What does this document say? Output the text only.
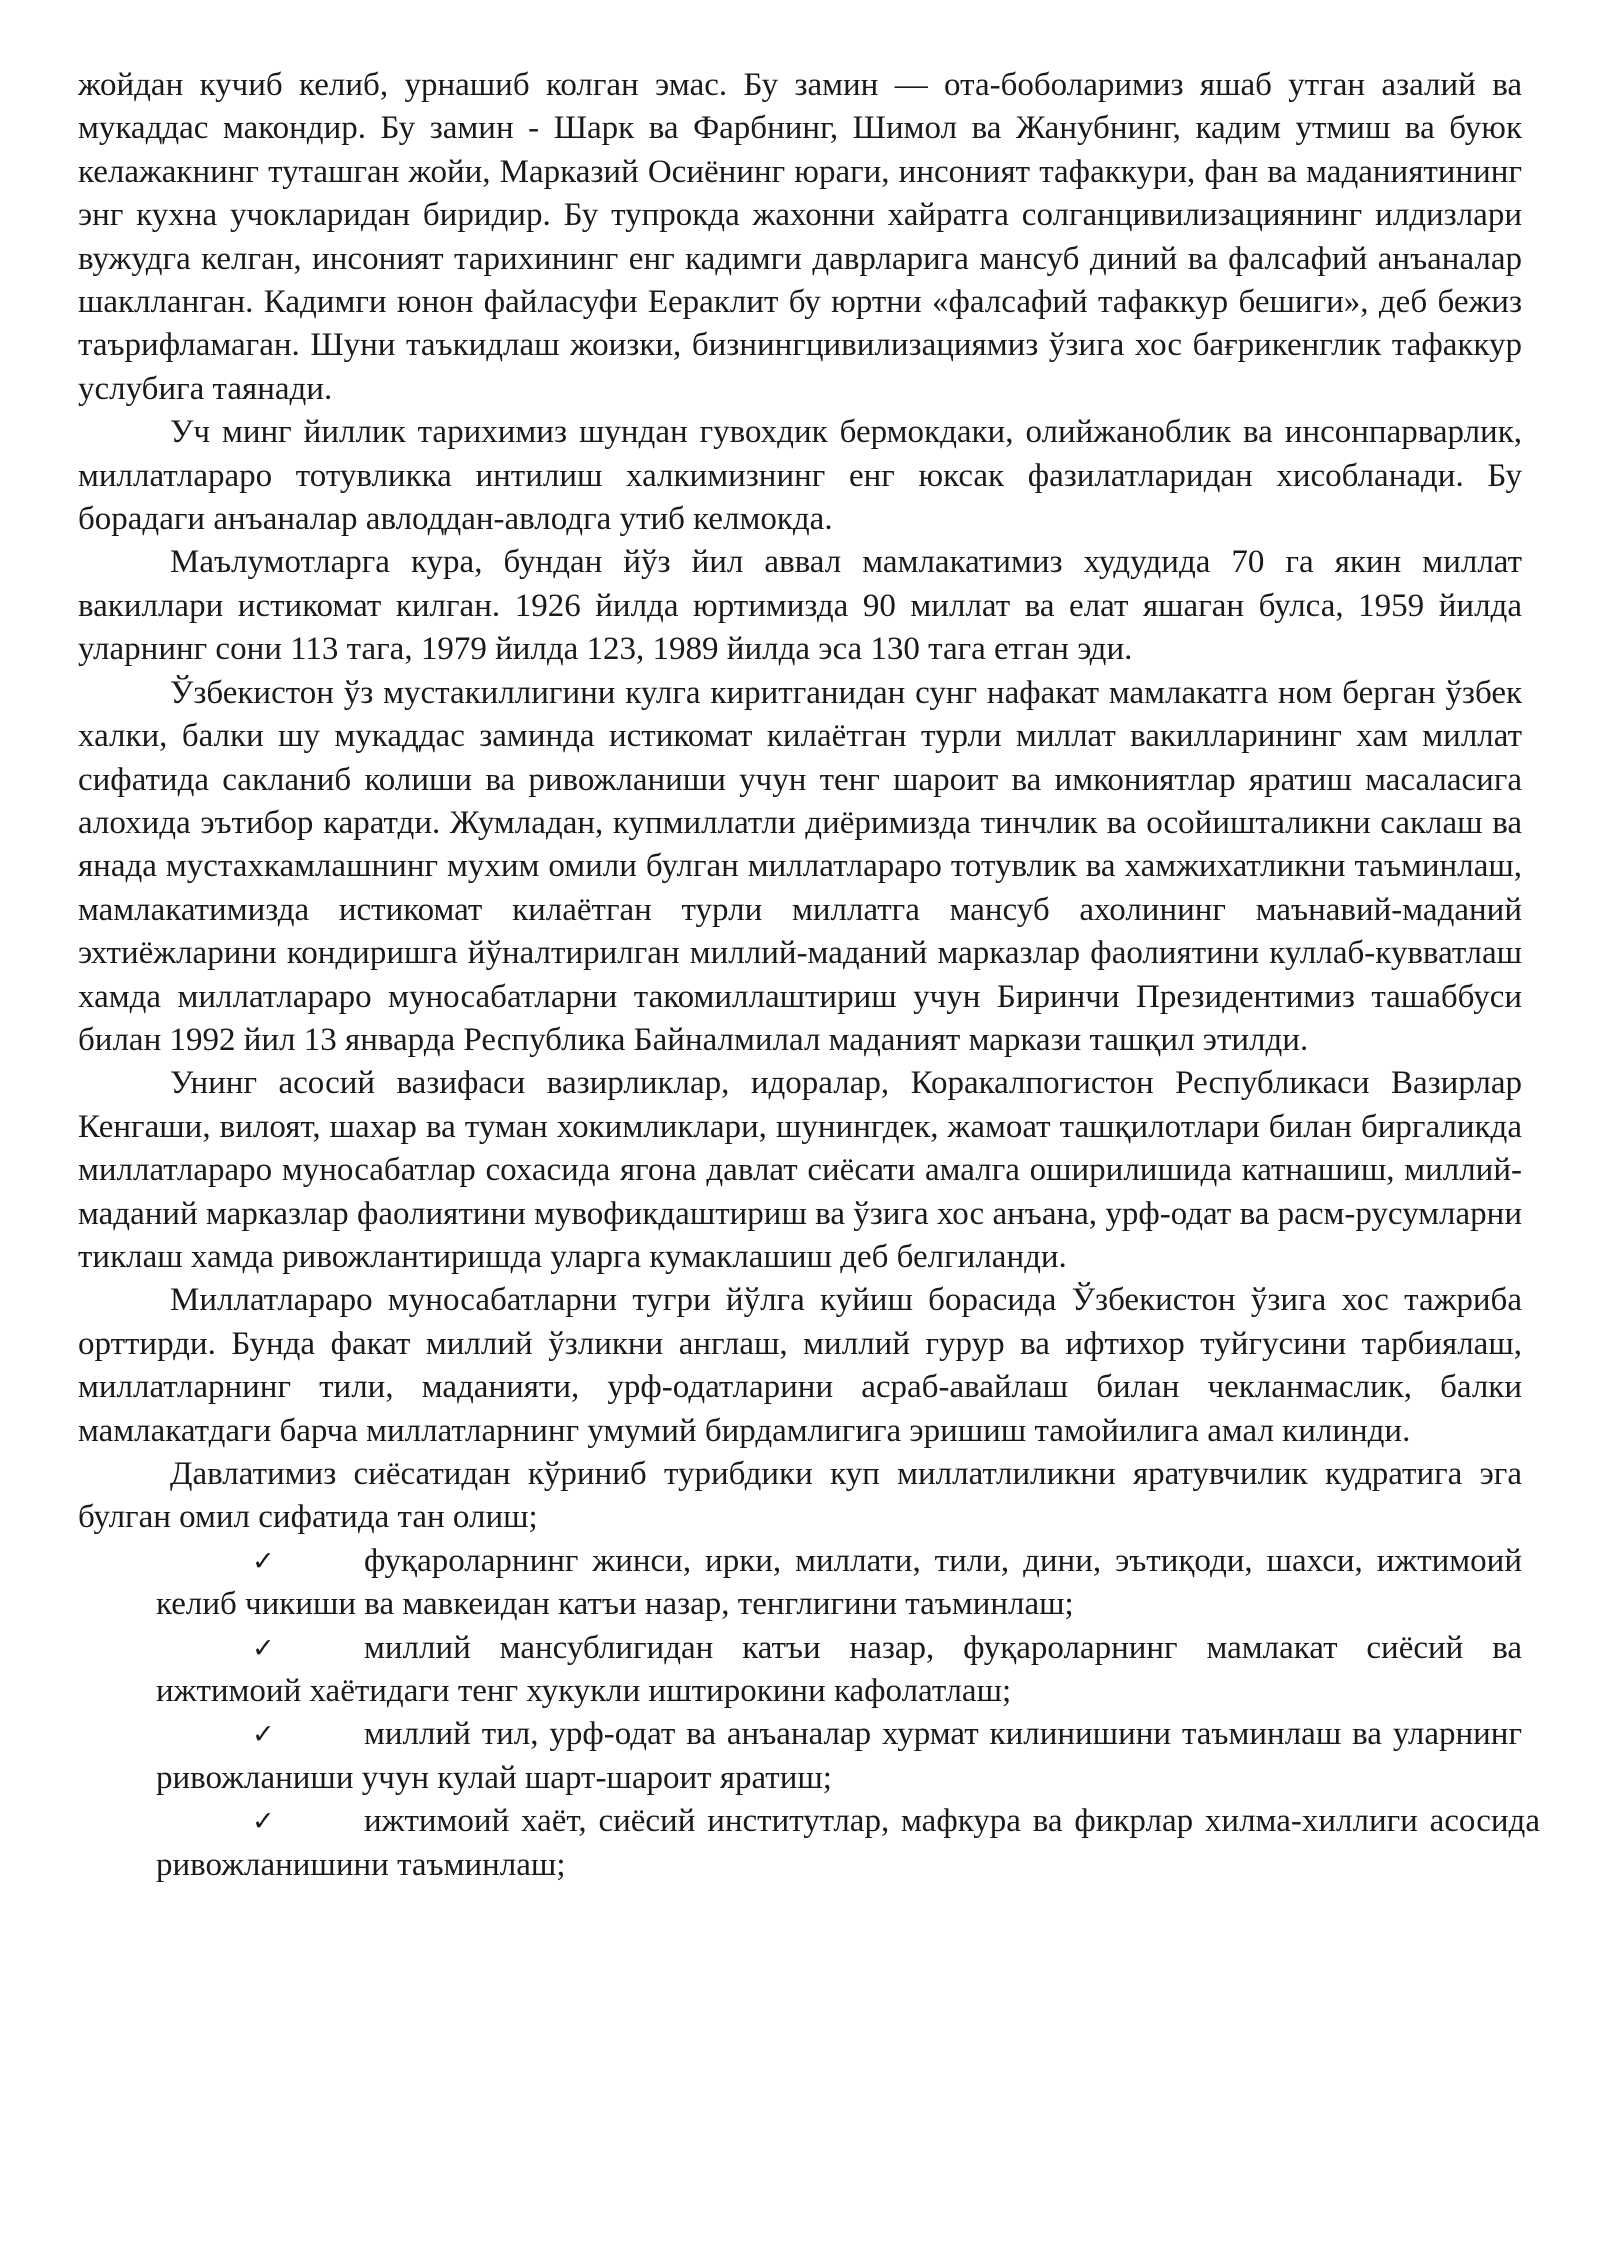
жойдан кучиб келиб, урнашиб колган эмас. Бу замин — ота-боболаримиз яшаб утган азалий ва мукаддас макондир. Бу замин - Шарк ва Фарбнинг, Шимол ва Жанубнинг, кадим утмиш ва буюк келажакнинг туташган жойи, Марказий Осиёнинг юраги, инсоният тафаккури, фан ва маданиятининг энг кухна учокларидан биридир. Бу тупрокда жахонни хайратга солганцивилизациянинг илдизлари вужудга келган, инсоният тарихининг енг кадимги даврларига мансуб диний ва фалсафий анъаналар шаклланган. Кадимги юнон файласуфи Еераклит бу юртни «фалсафий тафаккур бешиги», деб бежиз таърифламаган. Шуни таъкидлаш жоизки, бизнингцивилизациямиз ўзига хос бағрикенглик тафаккур услубига таянади.

Уч минг йиллик тарихимиз шундан гувохдик бермокдаки, олийжаноблик ва инсонпарварлик, миллатлараро тотувликка интилиш халкимизнинг енг юксак фазилатларидан хисобланади. Бу борадаги анъаналар авлоддан-авлодга утиб келмокда.

Маълумотларга кура, бундан йўз йил аввал мамлакатимиз худудида 70 га якин миллат вакиллари истикомат килган. 1926 йилда юртимизда 90 миллат ва елат яшаган булса, 1959 йилда уларнинг сони 113 тага, 1979 йилда 123, 1989 йилда эса 130 тага етган эди.

Ўзбекистон ўз мустакиллигини кулга киритганидан сунг нафакат мамлакатга ном берган ўзбек халки, балки шу мукаддас заминда истикомат килаётган турли миллат вакилларининг хам миллат сифатида сакланиб колиши ва ривожланиши учун тенг шароит ва имкониятлар яратиш масаласига алохида эътибор каратди. Жумладан, купмиллатли диёримизда тинчлик ва осойишталикни саклаш ва янада мустахкамлашнинг мухим омили булган миллатлараро тотувлик ва хамжихатликни таъминлаш, мамлакатимизда истикомат килаётган турли миллатга мансуб ахолининг маънавий-маданий эхтиёжларини кондиришга йўналтирилган миллий-маданий марказлар фаолиятини куллаб-кувватлаш хамда миллатлараро муносабатларни такомиллаштириш учун Биринчи Президентимиз ташаббуси билан 1992 йил 13 январда Республика Байналмилал маданият маркази ташқил этилди.

Унинг асосий вазифаси вазирликлар, идоралар, Коракалпогистон Республикаси Вазирлар Кенгаши, вилоят, шахар ва туман хокимликлари, шунингдек, жамоат ташқилотлари билан биргаликда миллатлараро муносабатлар сохасида ягона давлат сиёсати амалга оширилишида катнашиш, миллий-маданий марказлар фаолиятини мувофикдаштириш ва ўзига хос анъана, урф-одат ва расм-русумларни тиклаш хамда ривожлантиришда уларга кумаклашиш деб белгиланди.

Миллатлараро муносабатларни тугри йўлга куйиш борасида Ўзбекистон ўзига хос тажриба орттирди. Бунда факат миллий ўзликни англаш, миллий гурур ва ифтихор туйгусини тарбиялаш, миллатларнинг тили, маданияти, урф-одатларини асраб-авайлаш билан чекланмаслик, балки мамлакатдаги барча миллатларнинг умумий бирдамлигига эришиш тамойилига амал килинди.

Давлатимиз сиёсатидан кўриниб турибдики куп миллатлиликни яратувчилик кудратига эга булган омил сифатида тан олиш;

✓	фуқароларнинг жинси, ирки, миллати, тили, дини, эътиқоди, шахси, ижтимоий келиб чикиши ва мавкеидан катъи назар, тенглигини таъминлаш;
✓	миллий мансублигидан катъи назар, фуқароларнинг мамлакат сиёсий ва ижтимоий хаётидаги тенг хукукли иштирокини кафолатлаш;
✓	миллий тил, урф-одат ва анъаналар хурмат килинишини таъминлаш ва уларнинг ривожланиши учун кулай шарт-шароит яратиш;
✓	ижтимоий хаёт, сиёсий институтлар, мафкура ва фикрлар хилма-хиллиги асосида ривожланишини таъминлаш;
